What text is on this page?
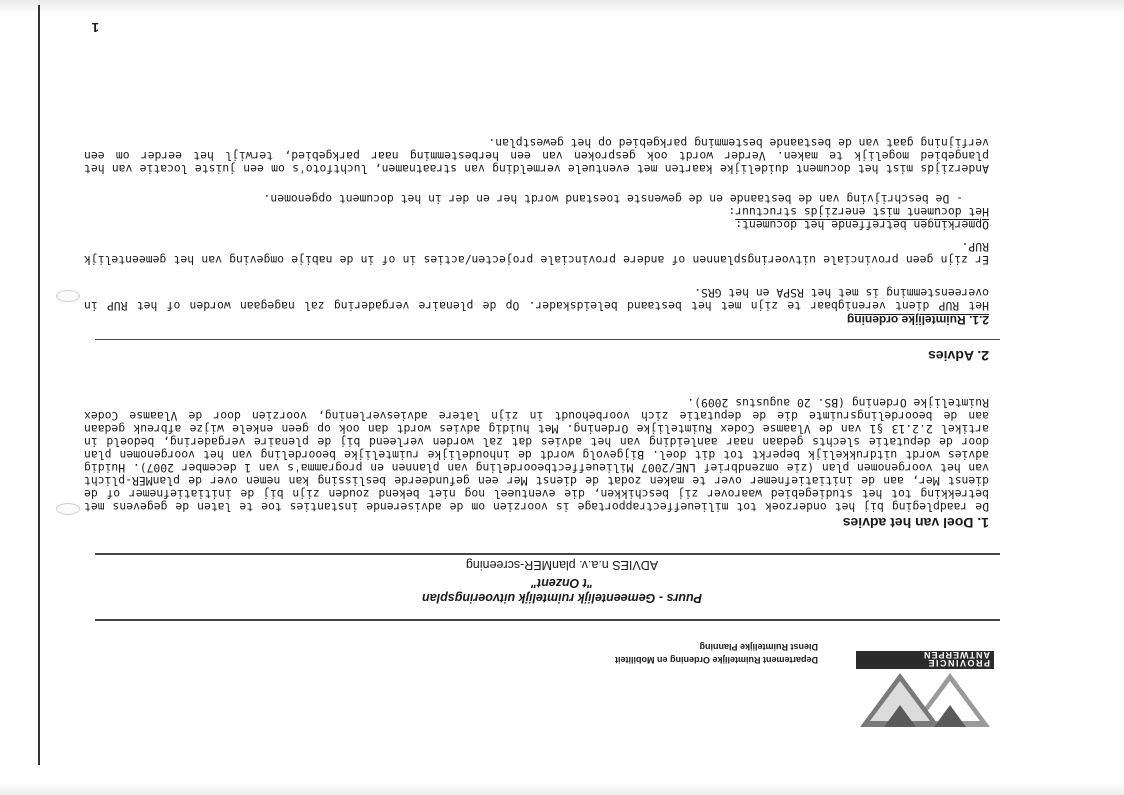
1
PROVINCIE
ANTWERPEN
Departement Ruimtelijke Ordening en Mobiliteit
Dienst Ruimtelijke Planning
Puurs - Gemeentelijk ruimtelijk uitvoeringsplan
"t Onzent"
ADVIES n.a.v. planMER-screening
1. Doel van het advies

De raadpleging bij het onderzoek tot milieueffectrapportage is voorzien om de adviserende instanties toe te laten de gegevens met betrekking tot het studiegebied waarover zij beschikken, die eventueel nog niet bekend zouden zijn bij de initiatiefnemer of de dienst Mer, aan de initiatiefnemer over te maken zodat de dienst Mer een gefundeerde beslissing kan nemen over de planMER-plicht van het voorgenomen plan (zie omzendbrief LNE/2007 Milieueffectbeoordeling van plannen en programma's van 1 december 2007). Huidig advies wordt uitdrukkelijk beperkt tot dit doel. Bijgevolg wordt de inhoudelijke ruimtelijke beoordeling van het voorgenomen plan door de deputatie slechts gedaan naar aanleiding van het advies dat zal worden verleend bij de plenaire vergadering, bedoeld in artikel 2.2.13 §1 van de Vlaamse Codex Ruimtelijke Ordening. Met huidig advies wordt dan ook op geen enkele wijze afbreuk gedaan aan de beoordelingsruimte die de deputatie zich voorbehoudt in zijn latere adviesverlening, voorzien door de Vlaamse Codex Ruimtelijke Ordening (BS. 20 augustus 2009).

2. Advies
2.1. Ruimtelijke ordening

Het RUP dient verenigbaar te zijn met het bestaand beleidskader. Op de plenaire vergadering zal nagegaan worden of het RUP in overeenstemming is met het RSPA en het GRS.

Er zijn geen provinciale uitvoeringsplannen of andere provinciale projecten/acties in of in de nabije omgeving van het gemeentelijk RUP.

Opmerkingen betreffende het document:
Het document mist enerzijds structuur:
- De beschrijving van de bestaande en de gewenste toestand wordt her en der in het document opgenomen.

Anderzijds mist het document duidelijke kaarten met eventuele vermelding van straatnamen, luchtfoto's om een juiste locatie van het plangebied mogelijk te maken. Verder wordt ook gesproken van een herbestemming naar parkgebied, terwijl het eerder om een verfijning gaat van de bestaande bestemming parkgebied op het gewestplan.
